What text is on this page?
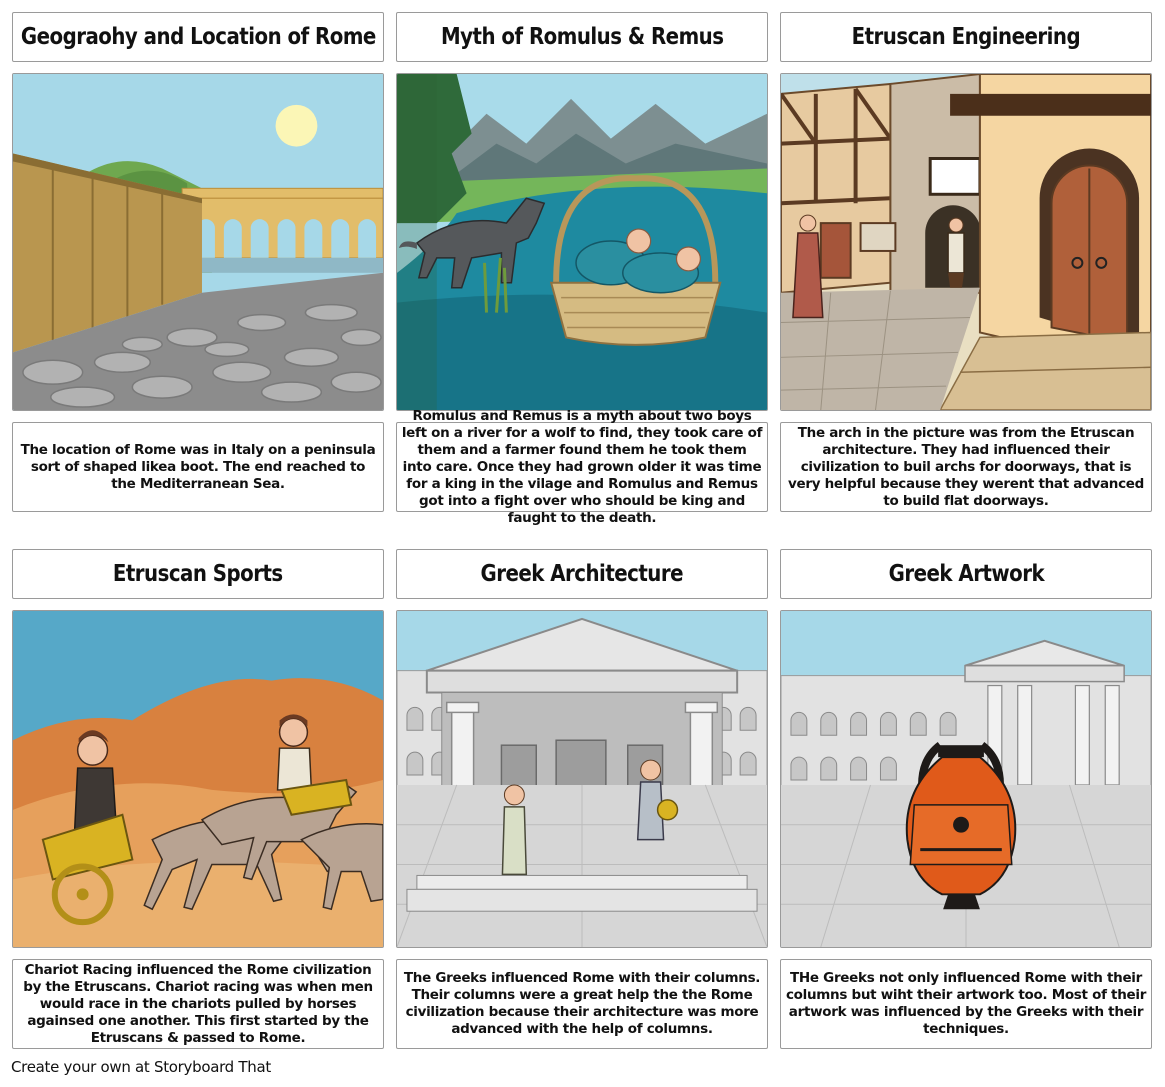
Geograohy and Location of Rome	Myth of Romulus & Remus	Etruscan Engineering

The location of Rome was in Italy on a peninsula sort of shaped likea boot. The end reached to the Mediterranean Sea.

Romulus and Remus is a myth about two boys left on a river for a wolf to find, they took care of them and a farmer found them he took them into care. Once they had grown older it was time for a king in the vilage and Romulus and Remus got into a fight over who should be king and faught to the death.

The arch in the picture was from the Etruscan architecture. They had influenced their civilization to buil archs for doorways, that is very helpful because they werent that advanced to build flat doorways.

Etruscan Sports	Greek Architecture	Greek Artwork

Chariot Racing influenced the Rome civilization by the Etruscans. Chariot racing was when men would race in the chariots pulled by horses againsed one another. This first started by the Etruscans & passed to Rome.

The Greeks influenced Rome with their columns. Their columns were a great help the the Rome civilization because their architecture was more advanced with the help of columns.

THe Greeks not only influenced Rome with their columns but wiht their artwork too. Most of their artwork was influenced by the Greeks with their techniques.

Create your own at Storyboard That
